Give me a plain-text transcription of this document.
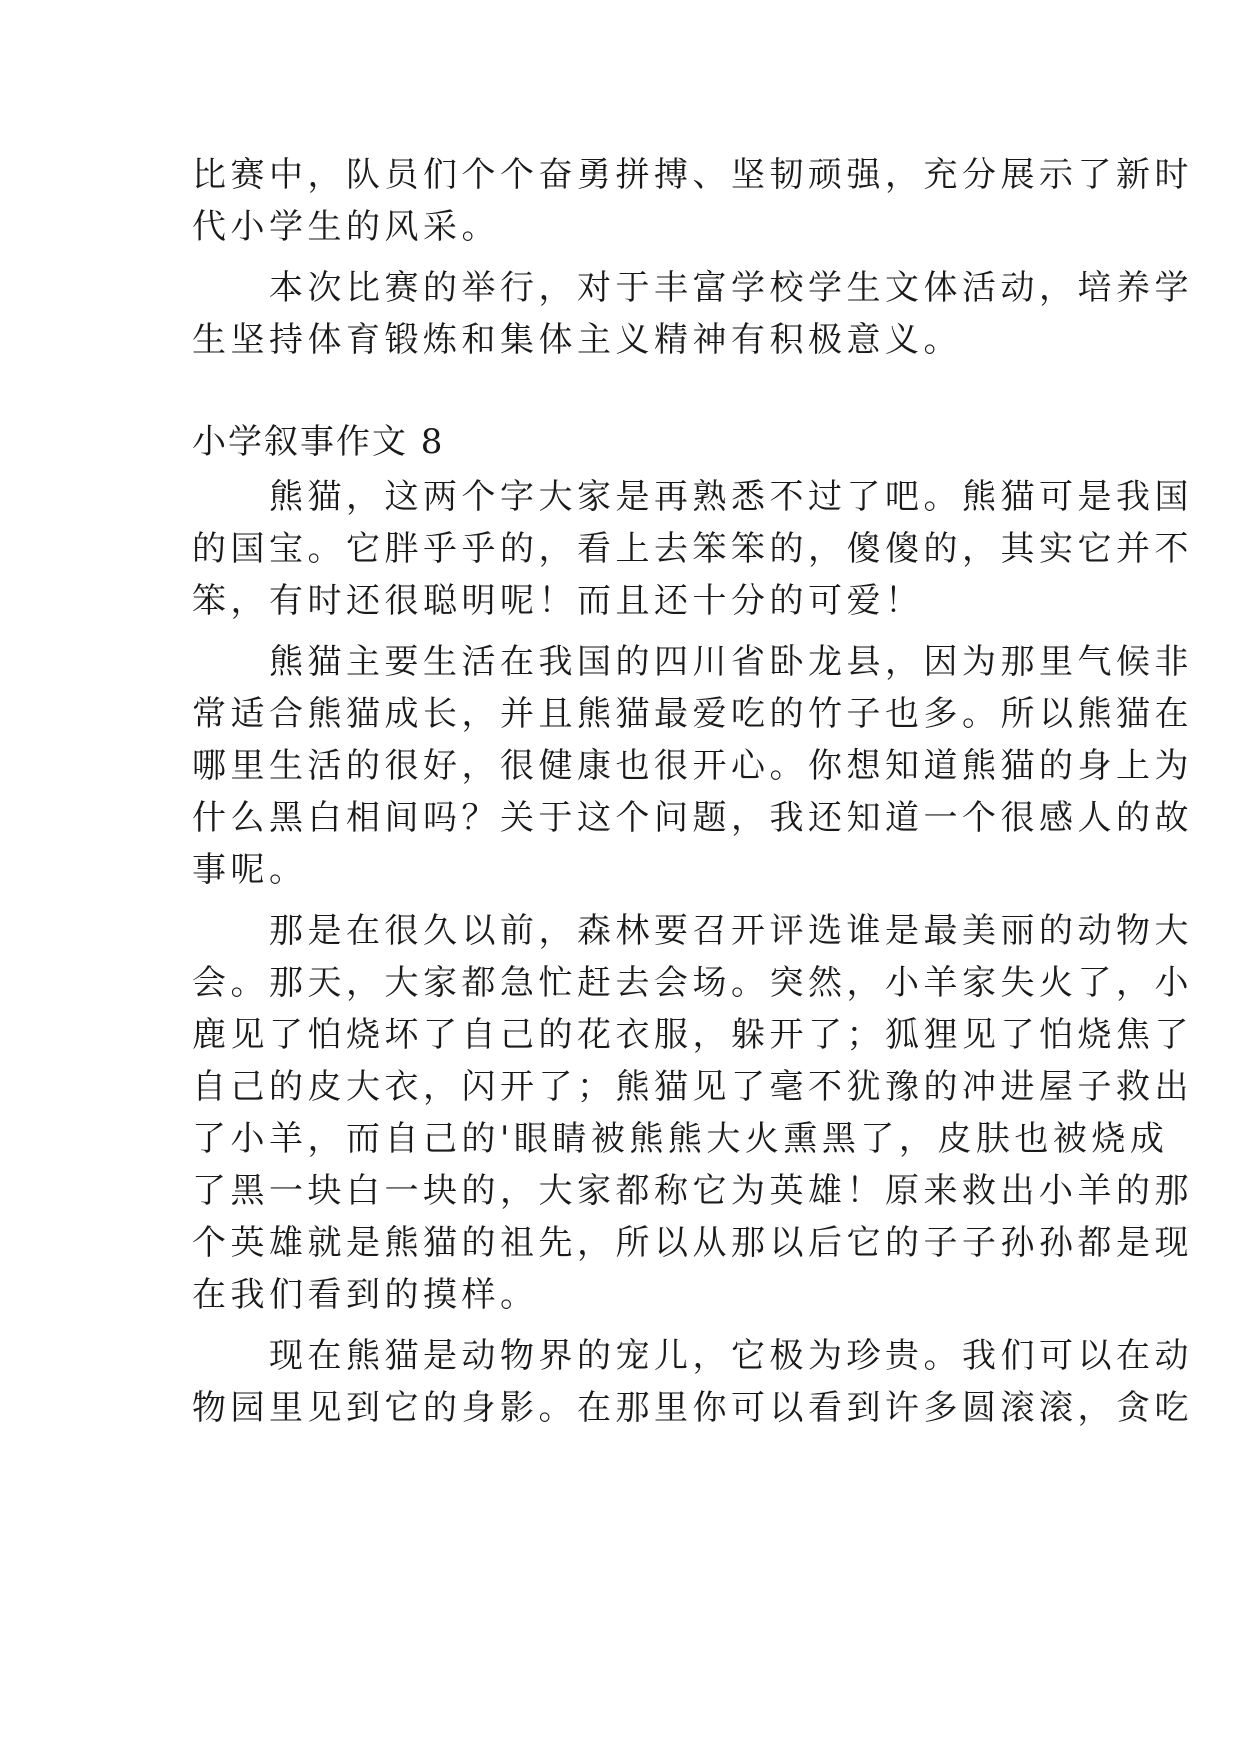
比赛中，队员们个个奋勇拼搏、坚韧顽强，充分展示了新时
代小学生的风采。
　　本次比赛的举行，对于丰富学校学生文体活动，培养学
生坚持体育锻炼和集体主义精神有积极意义。
小学叙事作文 8
　　熊猫，这两个字大家是再熟悉不过了吧。熊猫可是我国
的国宝。它胖乎乎的，看上去笨笨的，傻傻的，其实它并不
笨，有时还很聪明呢！而且还十分的可爱！
　　熊猫主要生活在我国的四川省卧龙县，因为那里气候非
常适合熊猫成长，并且熊猫最爱吃的竹子也多。所以熊猫在
哪里生活的很好，很健康也很开心。你想知道熊猫的身上为
什么黑白相间吗？关于这个问题，我还知道一个很感人的故
事呢。
　　那是在很久以前，森林要召开评选谁是最美丽的动物大
会。那天，大家都急忙赶去会场。突然，小羊家失火了，小
鹿见了怕烧坏了自己的花衣服，躲开了；狐狸见了怕烧焦了
自己的皮大衣，闪开了；熊猫见了毫不犹豫的冲进屋子救出
了小羊，而自己的'眼睛被熊熊大火熏黑了，皮肤也被烧成
了黑一块白一块的，大家都称它为英雄！原来救出小羊的那
个英雄就是熊猫的祖先，所以从那以后它的子子孙孙都是现
在我们看到的摸样。
　　现在熊猫是动物界的宠儿，它极为珍贵。我们可以在动
物园里见到它的身影。在那里你可以看到许多圆滚滚，贪吃
